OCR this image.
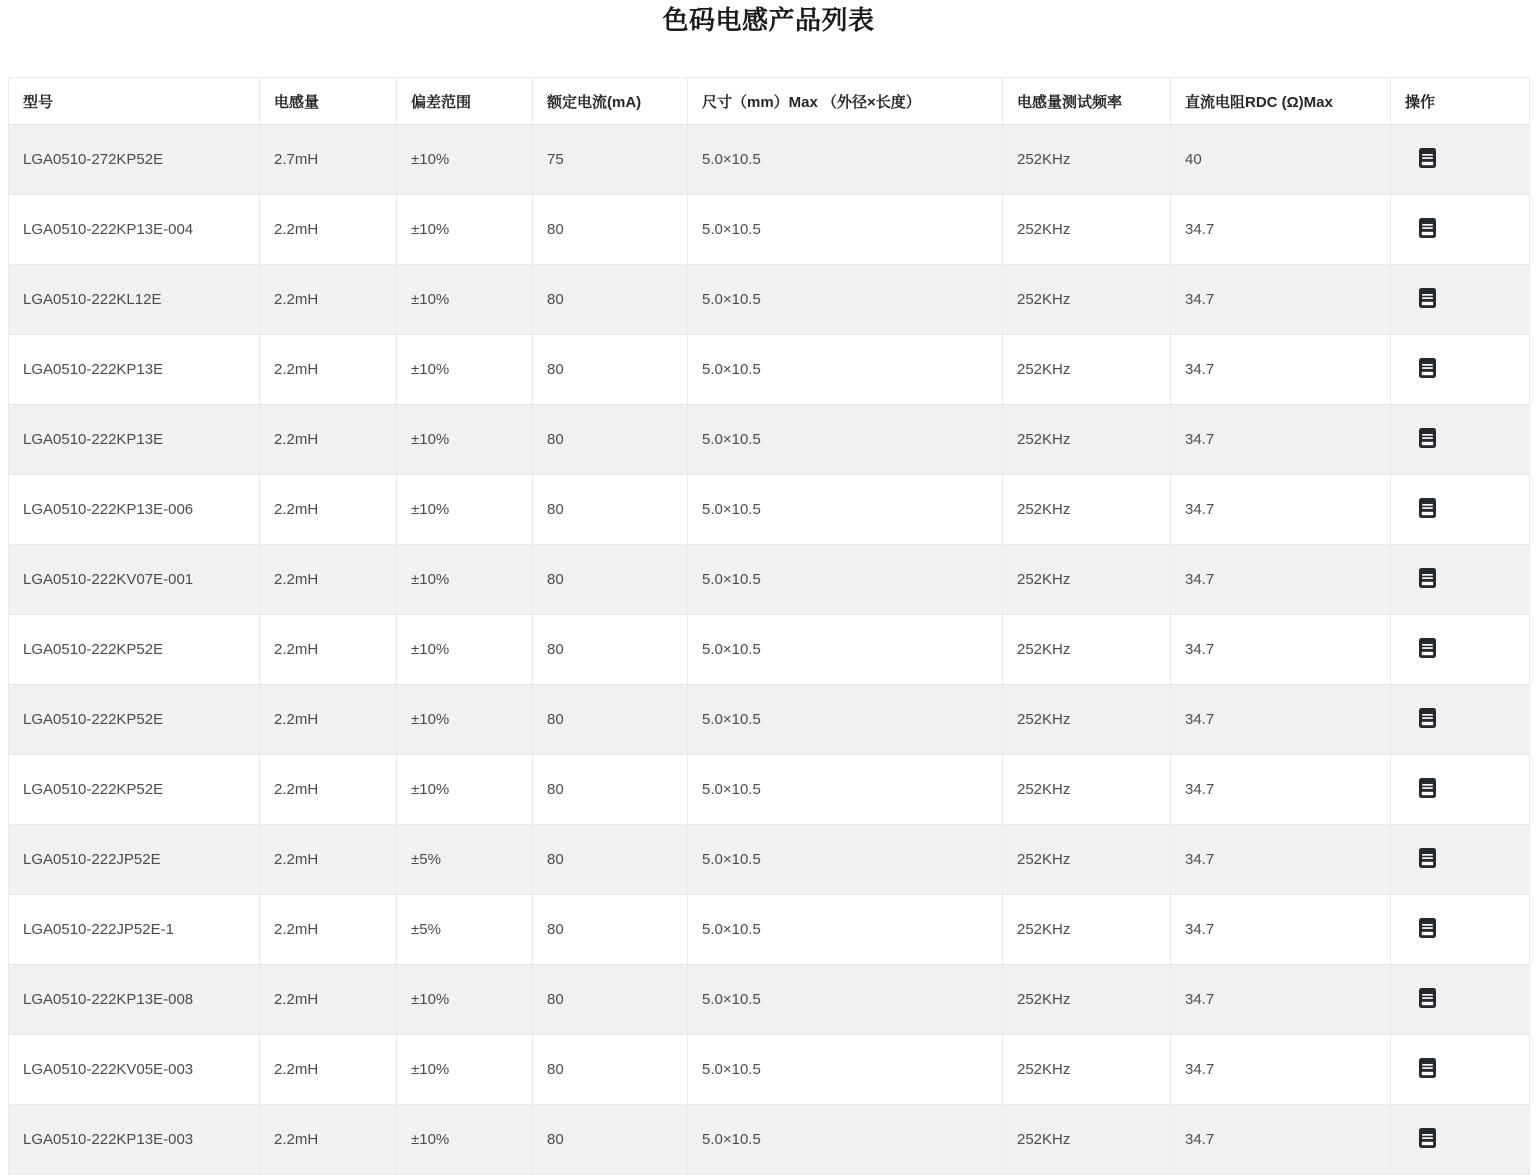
色码电感产品列表
型号	电感量	偏差范围	额定电流(mA)	尺寸（mm）Max （外径×长度）	电感量测试频率	直流电阻RDC (Ω)Max	操作
LGA0510-272KP52E	2.7mH	±10%	75	5.0×10.5	252KHz	40	

LGA0510-222KP13E-004	2.2mH	±10%	80	5.0×10.5	252KHz	34.7	

LGA0510-222KL12E	2.2mH	±10%	80	5.0×10.5	252KHz	34.7	

LGA0510-222KP13E	2.2mH	±10%	80	5.0×10.5	252KHz	34.7	

LGA0510-222KP13E	2.2mH	±10%	80	5.0×10.5	252KHz	34.7	

LGA0510-222KP13E-006	2.2mH	±10%	80	5.0×10.5	252KHz	34.7	

LGA0510-222KV07E-001	2.2mH	±10%	80	5.0×10.5	252KHz	34.7	

LGA0510-222KP52E	2.2mH	±10%	80	5.0×10.5	252KHz	34.7	

LGA0510-222KP52E	2.2mH	±10%	80	5.0×10.5	252KHz	34.7	

LGA0510-222KP52E	2.2mH	±10%	80	5.0×10.5	252KHz	34.7	

LGA0510-222JP52E	2.2mH	±5%	80	5.0×10.5	252KHz	34.7	

LGA0510-222JP52E-1	2.2mH	±5%	80	5.0×10.5	252KHz	34.7	

LGA0510-222KP13E-008	2.2mH	±10%	80	5.0×10.5	252KHz	34.7	

LGA0510-222KV05E-003	2.2mH	±10%	80	5.0×10.5	252KHz	34.7	

LGA0510-222KP13E-003	2.2mH	±10%	80	5.0×10.5	252KHz	34.7	
